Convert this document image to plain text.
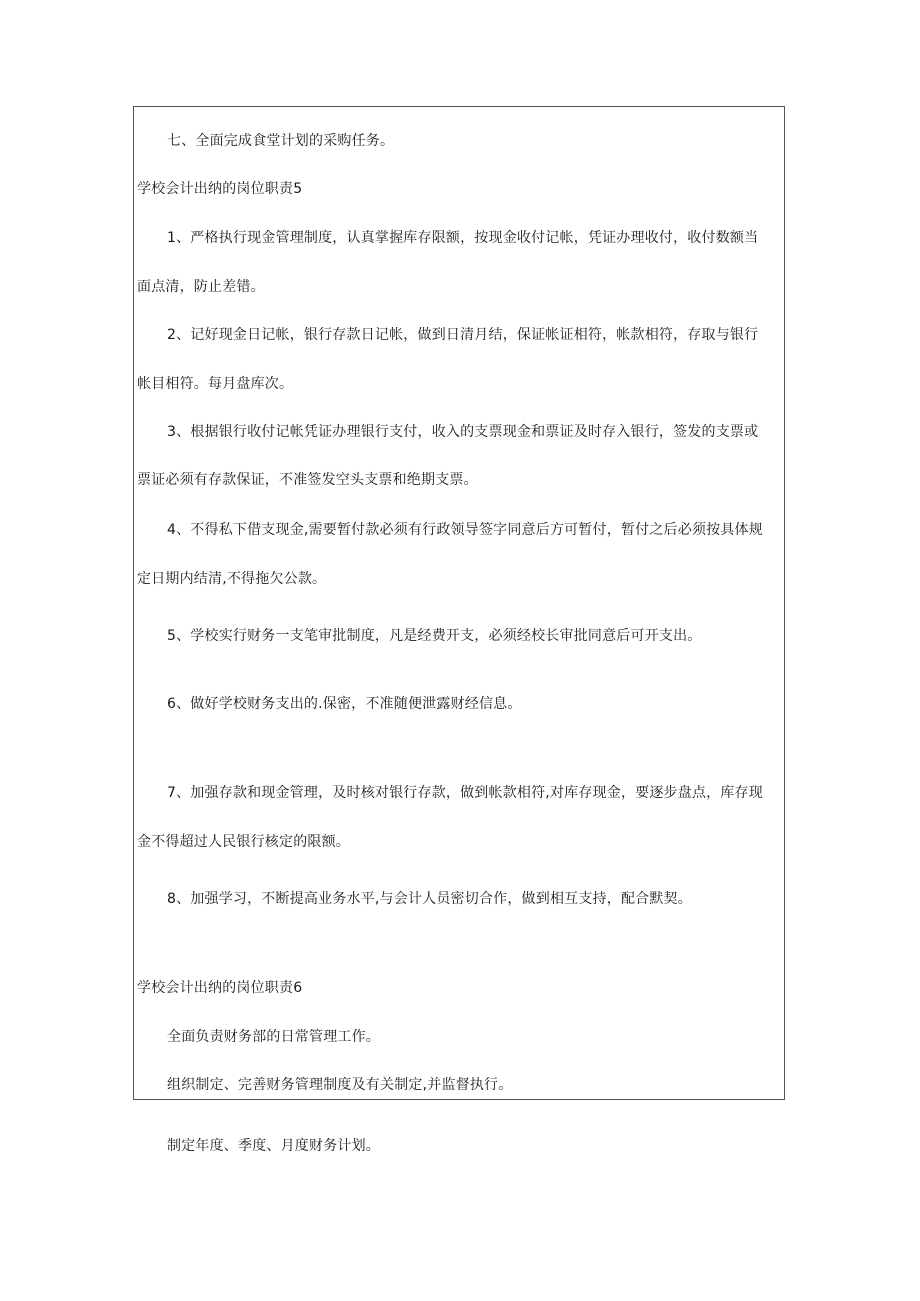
七、全面完成食堂计划的采购任务。
学校会计出纳的岗位职责5
1、严格执行现金管理制度，认真掌握库存限额，按现金收付记帐，凭证办理收付，收付数额当
面点清，防止差错。
2、记好现金日记帐，银行存款日记帐，做到日清月结，保证帐证相符，帐款相符，存取与银行
帐目相符。每月盘库次。
3、根据银行收付记帐凭证办理银行支付，收入的支票现金和票证及时存入银行，签发的支票或
票证必须有存款保证，不准签发空头支票和绝期支票。
4、不得私下借支现金,需要暂付款必须有行政领导签字同意后方可暂付，暂付之后必须按具体规
定日期内结清,不得拖欠公款。
5、学校实行财务一支笔审批制度，凡是经费开支，必须经校长审批同意后可开支出。
6、做好学校财务支出的.保密，不准随便泄露财经信息。
7、加强存款和现金管理，及时核对银行存款，做到帐款相符,对库存现金，要逐步盘点，库存现
金不得超过人民银行核定的限额。
8、加强学习，不断提高业务水平,与会计人员密切合作，做到相互支持，配合默契。
学校会计出纳的岗位职责6
全面负责财务部的日常管理工作。
组织制定、完善财务管理制度及有关制定,并监督执行。
制定年度、季度、月度财务计划。
